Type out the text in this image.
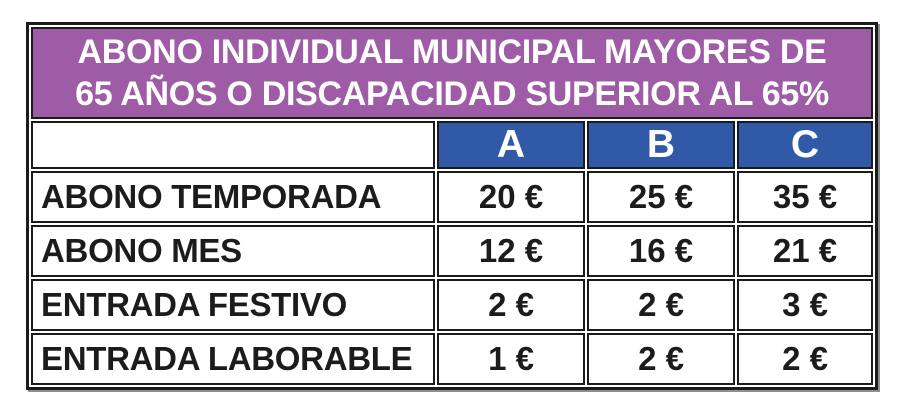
ABONO INDIVIDUAL MUNICIPAL MAYORES DE
65 AÑOS O DISCAPACIDAD SUPERIOR AL 65%			

	A	B	C
ABONO TEMPORADA	20 €	25 €	35 €
ABONO MES	12 €	16 €	21 €
ENTRADA FESTIVO	2 €	2 €	3 €
ENTRADA LABORABLE	1 €	2 €	2 €
